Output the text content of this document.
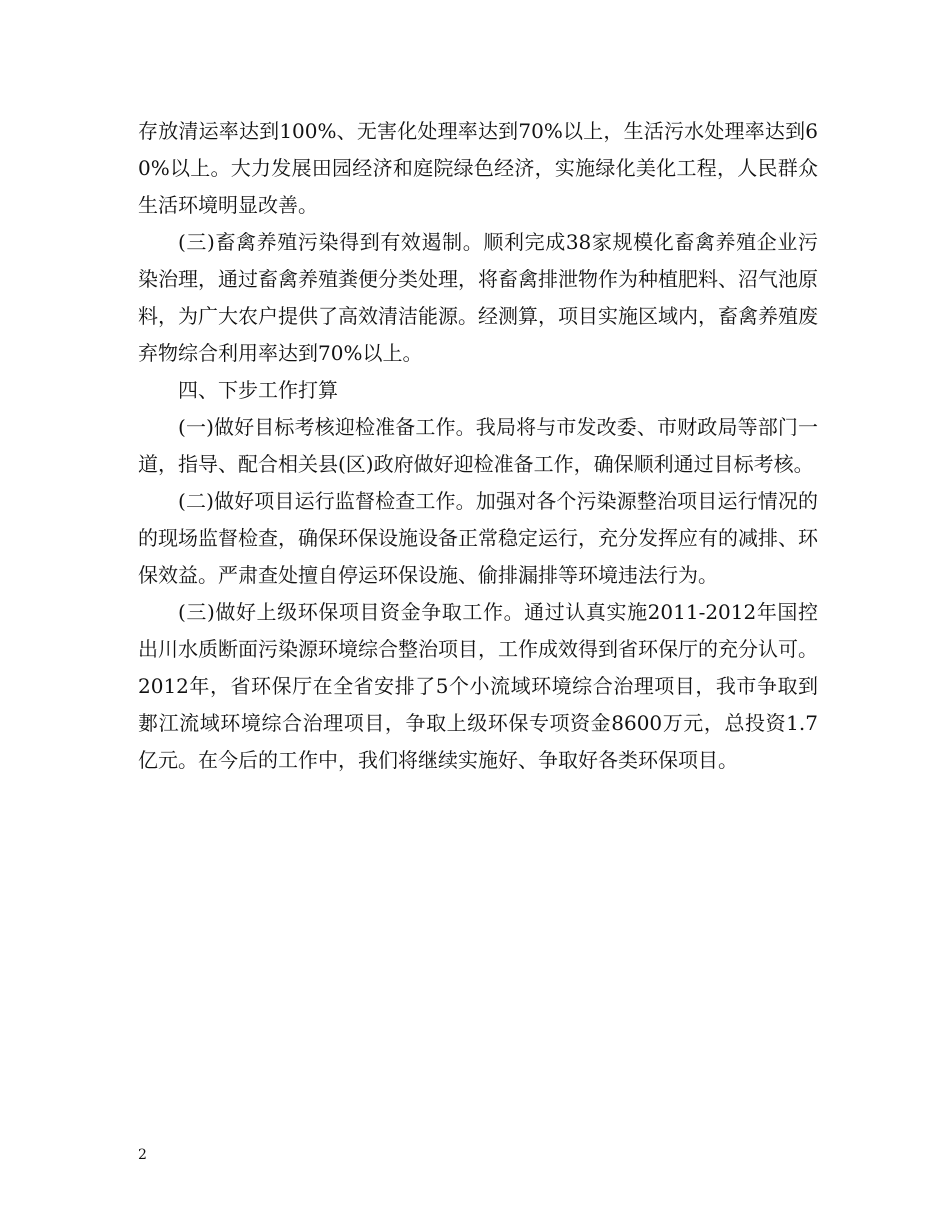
存放清运率达到100%、无害化处理率达到70%以上，生活污水处理率达到60%以上。大力发展田园经济和庭院绿色经济，实施绿化美化工程，人民群众生活环境明显改善。

(三)畜禽养殖污染得到有效遏制。顺利完成38家规模化畜禽养殖企业污染治理，通过畜禽养殖粪便分类处理，将畜禽排泄物作为种植肥料、沼气池原料，为广大农户提供了高效清洁能源。经测算，项目实施区域内，畜禽养殖废弃物综合利用率达到70%以上。

四、下步工作打算

(一)做好目标考核迎检准备工作。我局将与市发改委、市财政局等部门一道，指导、配合相关县(区)政府做好迎检准备工作，确保顺利通过目标考核。

(二)做好项目运行监督检查工作。加强对各个污染源整治项目运行情况的的现场监督检查，确保环保设施设备正常稳定运行，充分发挥应有的减排、环保效益。严肃查处擅自停运环保设施、偷排漏排等环境违法行为。

(三)做好上级环保项目资金争取工作。通过认真实施2011-2012年国控出川水质断面污染源环境综合整治项目，工作成效得到省环保厅的充分认可。2012年，省环保厅在全省安排了5个小流域环境综合治理项目，我市争取到郪江流域环境综合治理项目，争取上级环保专项资金8600万元，总投资1.7亿元。在今后的工作中，我们将继续实施好、争取好各类环保项目。

2
